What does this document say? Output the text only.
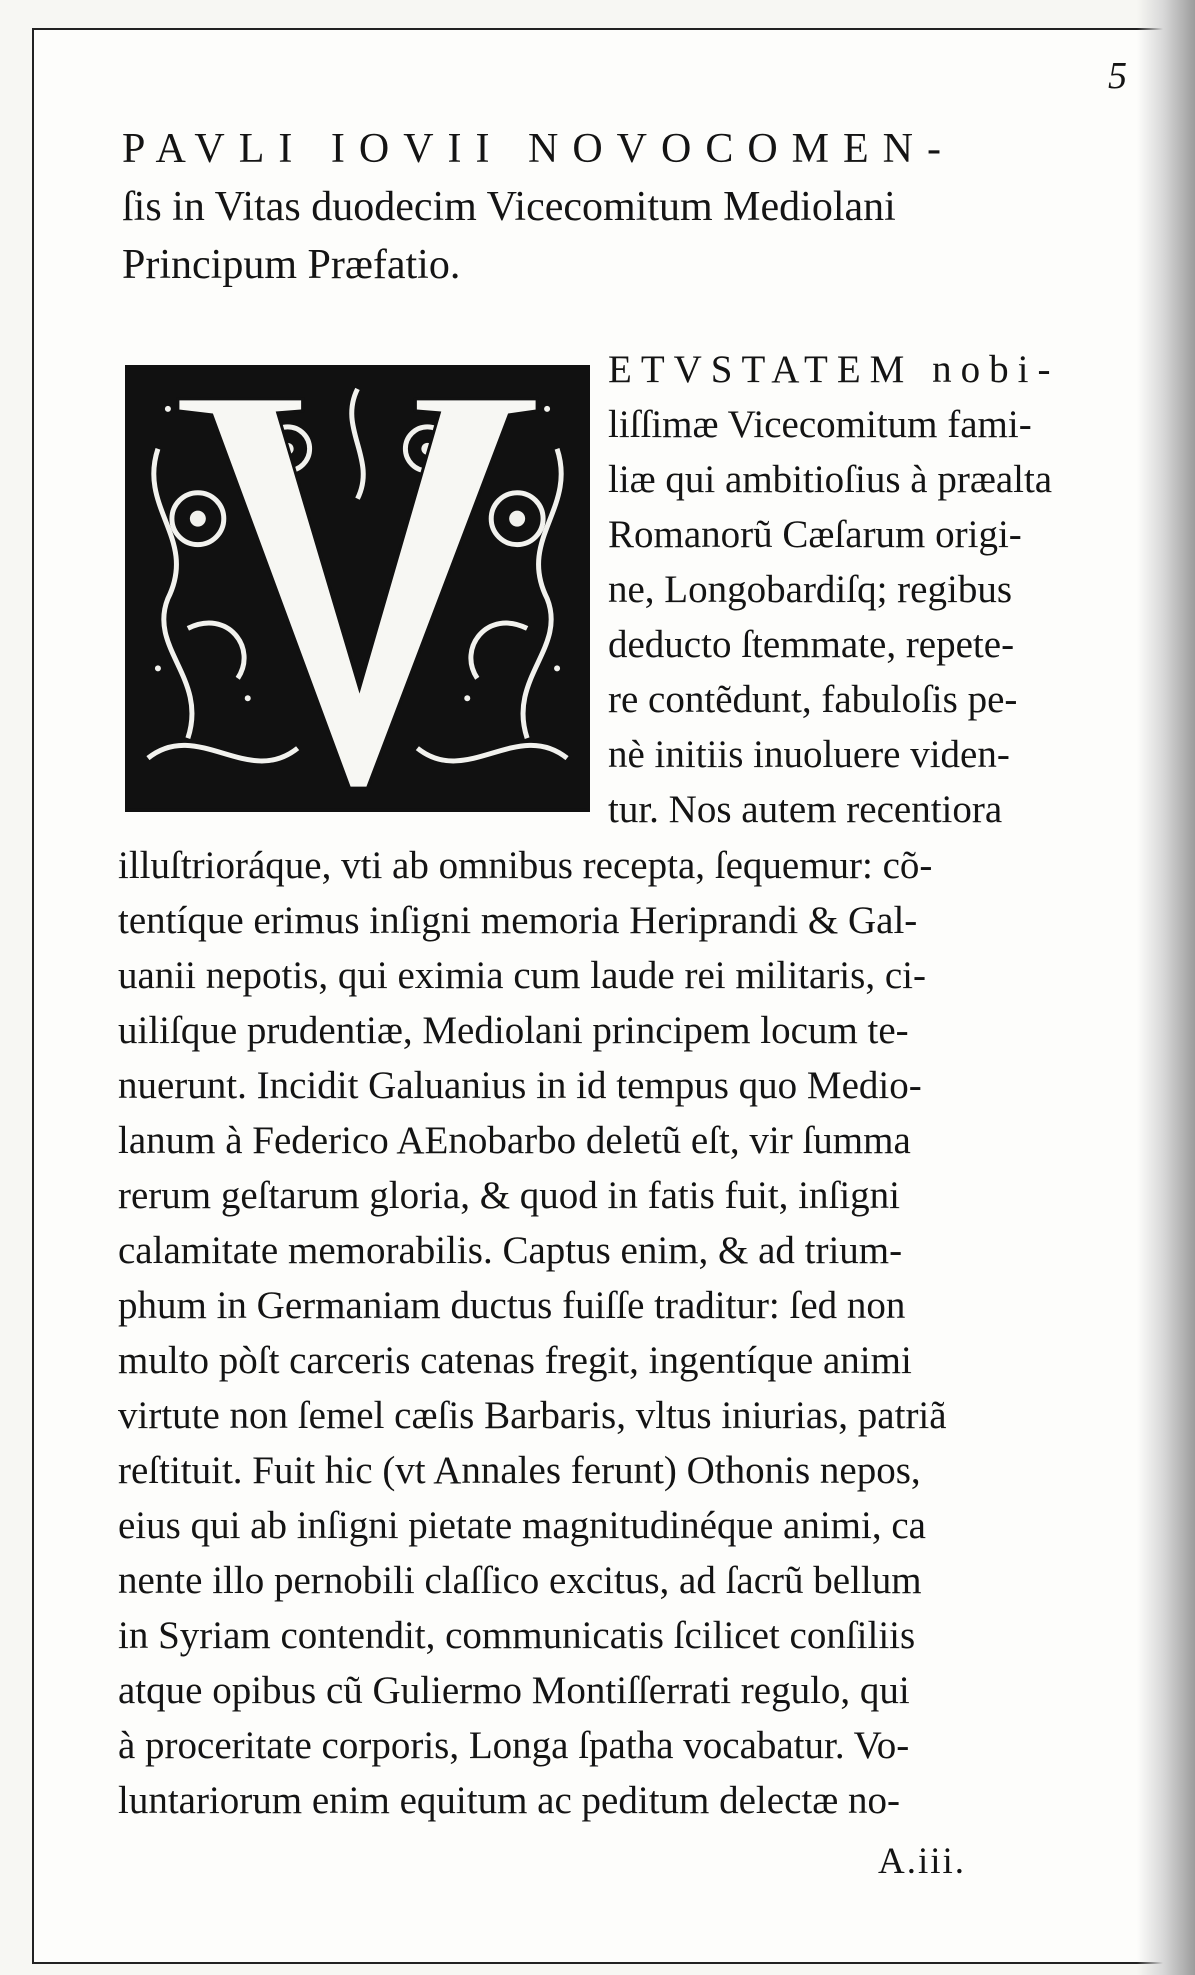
5
PAVLI IOVII NOVOCOMEN-
ſis in Vitas duodecim Vicecomitum Mediolani
Principum Præfatio.

ETVSTATEM nobi-
liſſimæ Vicecomitum fami-
liæ qui ambitioſius à præalta
Romanorũ Cæſarum origi-
ne, Longobardiſq; regibus
deducto ſtemmate, repete-
re contẽdunt, fabuloſis pe-
nè initiis inuoluere viden-
tur. Nos autem recentiora

illuſtrioráque, vti ab omnibus recepta, ſequemur: cõ-
tentíque erimus inſigni memoria Heriprandi & Gal-
uanii nepotis, qui eximia cum laude rei militaris, ci-
uiliſque prudentiæ, Mediolani principem locum te-
nuerunt. Incidit Galuanius in id tempus quo Medio-
lanum à Federico AEnobarbo deletũ eſt, vir ſumma
rerum geſtarum gloria, & quod in fatis fuit, inſigni
calamitate memorabilis. Captus enim, & ad trium-
phum in Germaniam ductus fuiſſe traditur: ſed non
multo pòſt carceris catenas fregit, ingentíque animi
virtute non ſemel cæſis Barbaris, vltus iniurias, patriã
reſtituit. Fuit hic (vt Annales ferunt) Othonis nepos,
eius qui ab inſigni pietate magnitudinéque animi, ca
nente illo pernobili claſſico excitus, ad ſacrũ bellum
in Syriam contendit, communicatis ſcilicet conſiliis
atque opibus cũ Guliermo Montiſſerrati regulo, qui
à proceritate corporis, Longa ſpatha vocabatur. Vo-
luntariorum enim equitum ac peditum delectæ no-

A.iii.
